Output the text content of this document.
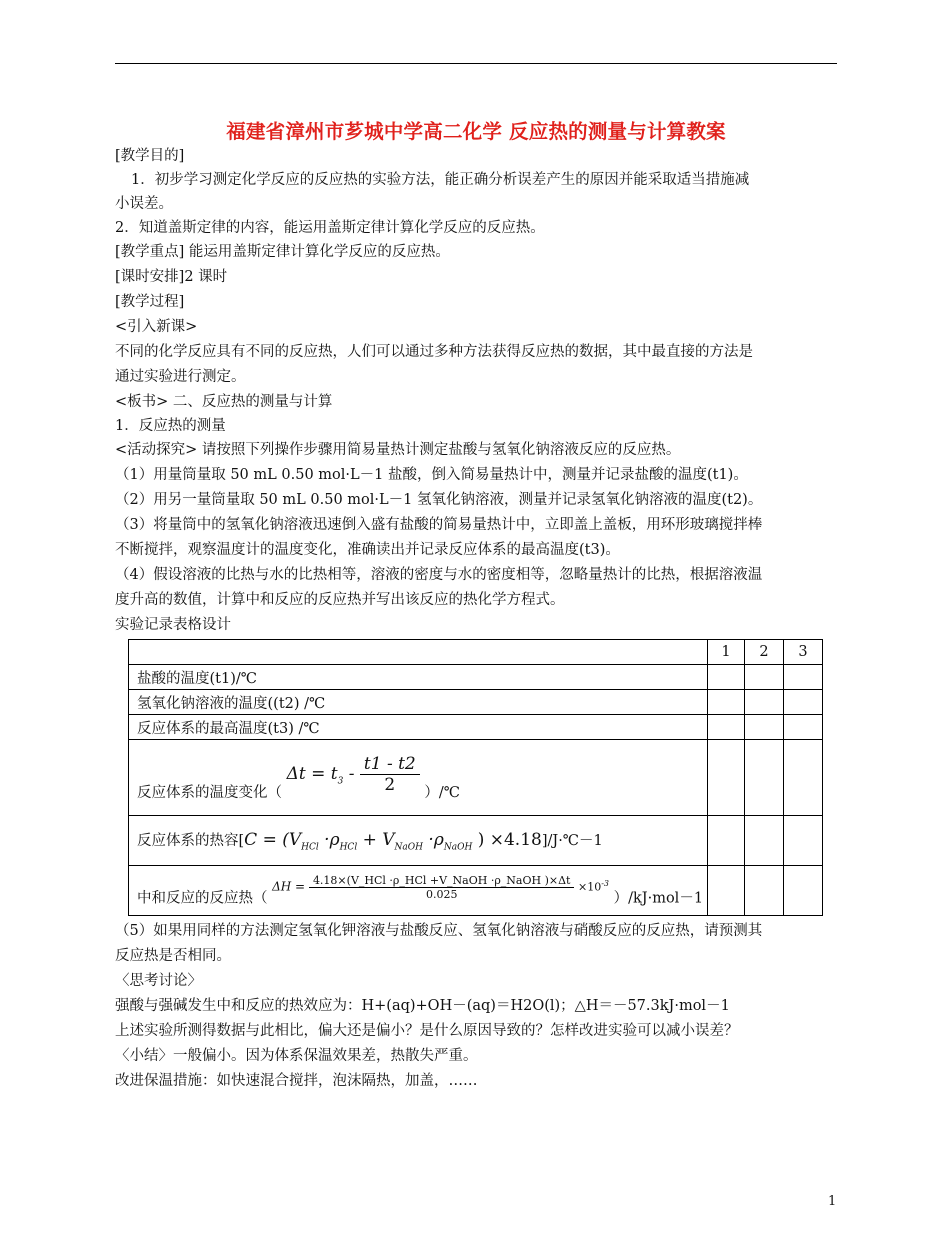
福建省漳州市芗城中学高二化学 反应热的测量与计算教案
[教学目的]
1．初步学习测定化学反应的反应热的实验方法，能正确分析误差产生的原因并能采取适当措施减
小误差。
2．知道盖斯定律的内容，能运用盖斯定律计算化学反应的反应热。
[教学重点] 能运用盖斯定律计算化学反应的反应热。
[课时安排]2 课时
[教学过程]
<引入新课>
不同的化学反应具有不同的反应热，人们可以通过多种方法获得反应热的数据，其中最直接的方法是
通过实验进行测定。
<板书> 二、反应热的测量与计算
1．反应热的测量
<活动探究> 请按照下列操作步骤用简易量热计测定盐酸与氢氧化钠溶液反应的反应热。
（1）用量筒量取 50 mL 0.50 mol·L－1 盐酸，倒入简易量热计中，测量并记录盐酸的温度(t1)。
（2）用另一量筒量取 50 mL 0.50 mol·L－1 氢氧化钠溶液，测量并记录氢氧化钠溶液的温度(t2)。
（3）将量筒中的氢氧化钠溶液迅速倒入盛有盐酸的简易量热计中，立即盖上盖板，用环形玻璃搅拌棒
不断搅拌，观察温度计的温度变化，准确读出并记录反应体系的最高温度(t3)。
（4）假设溶液的比热与水的比热相等，溶液的密度与水的密度相等，忽略量热计的比热，根据溶液温
度升高的数值，计算中和反应的反应热并写出该反应的热化学方程式。
实验记录表格设计
	1	2	3
盐酸的温度(t1)/℃			
氢氧化钠溶液的温度((t2) /℃			
反应体系的最高温度(t3) /℃			
反应体系的温度变化（ $\Delta t = t_3 - \frac{t1 - t2}{2}$ ）/℃			
反应体系的热容[$C = (V_{HCl} \cdot\rho_{HCl} + V_{NaOH} \cdot\rho_{NaOH}$ ) ×4.18]/J·℃－1			
中和反应的反应热（ $\Delta H = \frac{\text{4.18×(V\_HCl ·ρ\_HCl +V\_NaOH ·ρ\_NaOH )×Δt}}{0.025} \times 10^{-3}$ ）/kJ·mol－1			
（5）如果用同样的方法测定氢氧化钾溶液与盐酸反应、氢氧化钠溶液与硝酸反应的反应热，请预测其
反应热是否相同。
〈思考讨论〉
强酸与强碱发生中和反应的热效应为：H+(aq)+OH－(aq)＝H2O(l)；△H＝－57.3kJ·mol－1
上述实验所测得数据与此相比，偏大还是偏小？是什么原因导致的？怎样改进实验可以减小误差？
〈小结〉一般偏小。因为体系保温效果差，热散失严重。
改进保温措施：如快速混合搅拌，泡沫隔热，加盖，……
1
